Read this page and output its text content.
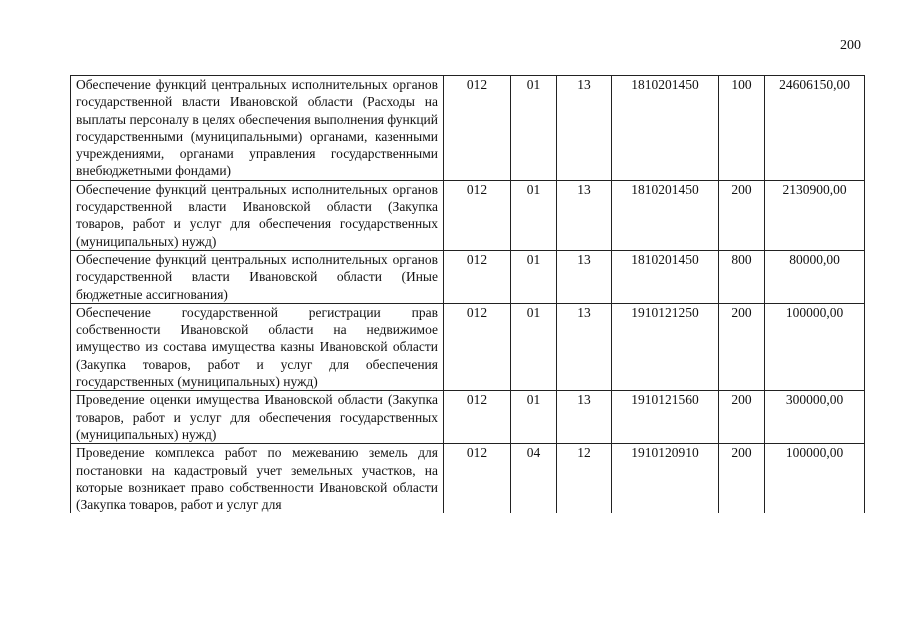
200
Обеспечение функций центральных исполнительных органов государственной власти Ивановской области (Расходы на выплаты персоналу в целях обеспечения выполнения функций государственными (муниципальными) органами, казенными учреждениями, органами управления государственными внебюджетными фондами)	012	01	13	1810201450	100	24606150,00
Обеспечение функций центральных исполнительных органов государственной власти Ивановской области (Закупка товаров, работ и услуг для обеспечения государственных (муниципальных) нужд)	012	01	13	1810201450	200	2130900,00
Обеспечение функций центральных исполнительных органов государственной власти Ивановской области (Иные бюджетные ассигнования)	012	01	13	1810201450	800	80000,00
Обеспечение государственной регистрации прав собственности Ивановской области на недвижимое имущество из состава имущества казны Ивановской области (Закупка товаров, работ и услуг для обеспечения государственных (муниципальных) нужд)	012	01	13	1910121250	200	100000,00
Проведение оценки имущества Ивановской области (Закупка товаров, работ и услуг для обеспечения государственных (муниципальных) нужд)	012	01	13	1910121560	200	300000,00
Проведение комплекса работ по межеванию земель для постановки на кадастровый учет земельных участков, на которые возникает право собственности Ивановской области (Закупка товаров, работ и услуг для	012	04	12	1910120910	200	100000,00
